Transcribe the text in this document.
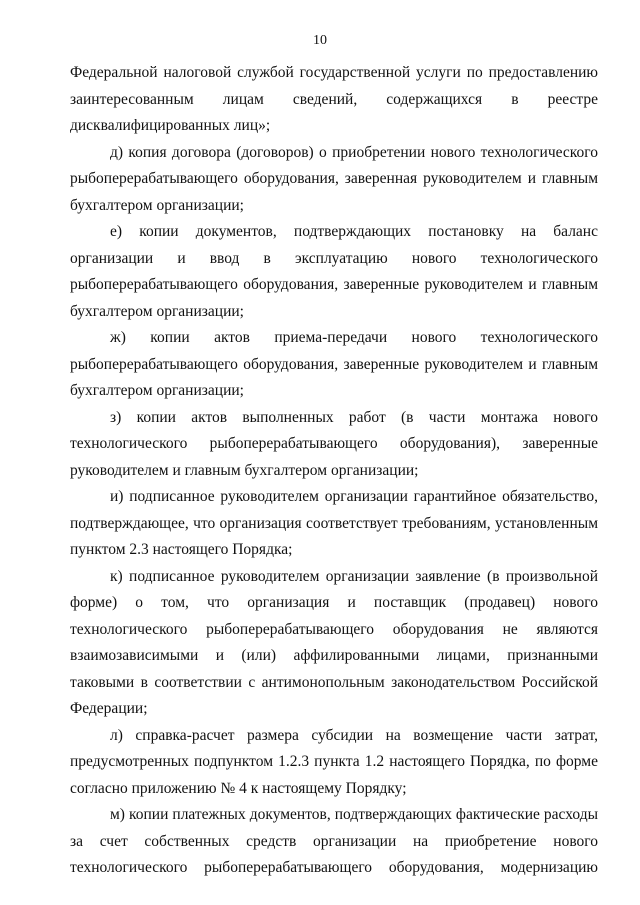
10

Федеральной налоговой службой государственной услуги по предоставлению заинтересованным лицам сведений, содержащихся в реестре дисквалифицированных лиц»;

д) копия договора (договоров) о приобретении нового технологического рыбоперерабатывающего оборудования, заверенная руководителем и главным бухгалтером организации;

е) копии документов, подтверждающих постановку на баланс организации и ввод в эксплуатацию нового технологического рыбоперерабатывающего оборудования, заверенные руководителем и главным бухгалтером организации;

ж) копии актов приема-передачи нового технологического рыбоперерабатывающего оборудования, заверенные руководителем и главным бухгалтером организации;

з) копии актов выполненных работ (в части монтажа нового технологического рыбоперерабатывающего оборудования), заверенные руководителем и главным бухгалтером организации;

и) подписанное руководителем организации гарантийное обязательство, подтверждающее, что организация соответствует требованиям, установленным пунктом 2.3 настоящего Порядка;

к) подписанное руководителем организации заявление (в произвольной форме) о том, что организация и поставщик (продавец) нового технологического рыбоперерабатывающего оборудования не являются взаимозависимыми и (или) аффилированными лицами, признанными таковыми в соответствии с антимонопольным законодательством Российской Федерации;

л) справка-расчет размера субсидии на возмещение части затрат, предусмотренных подпунктом 1.2.3 пункта 1.2 настоящего Порядка, по форме согласно приложению № 4 к настоящему Порядку;

м) копии платежных документов, подтверждающих фактические расходы за счет собственных средств организации на приобретение нового технологического рыбоперерабатывающего оборудования, модернизацию
